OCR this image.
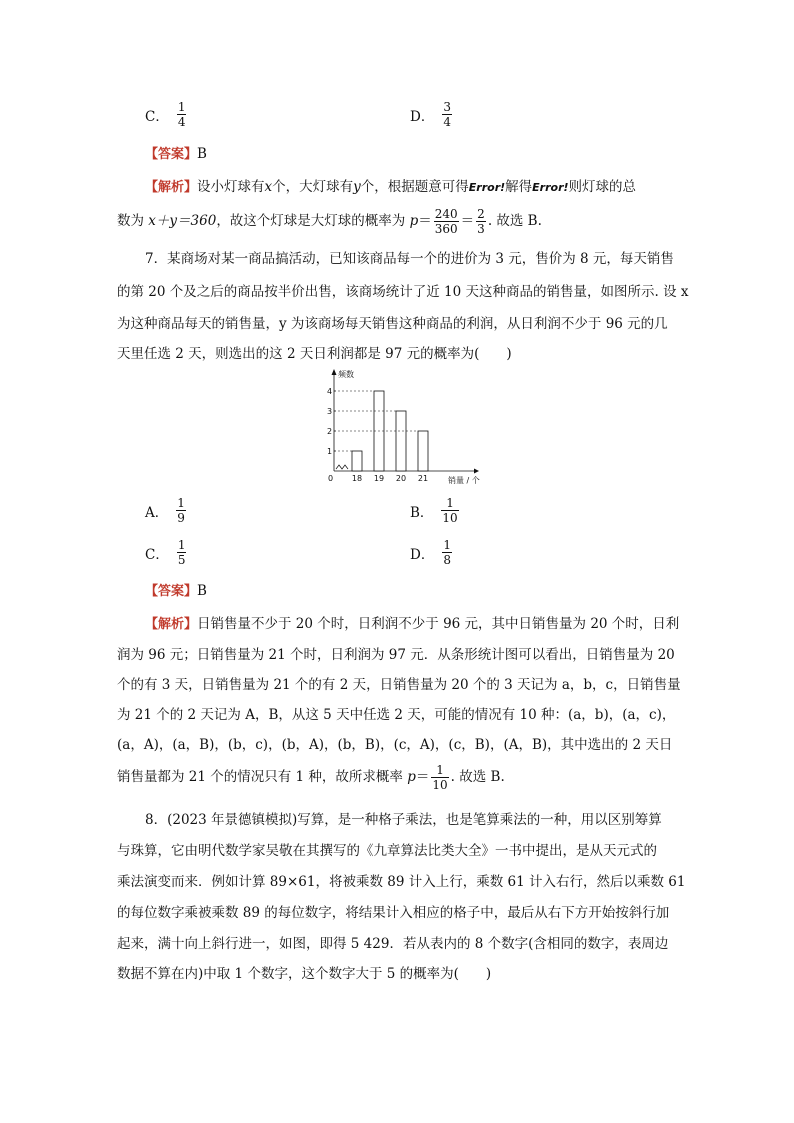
C． $\frac{1}{4}$	D． $\frac{3}{4}$
【答案】B
【解析】设小灯球有x个，大灯球有y个，根据题意可得Error!解得Error!则灯球的总
数为
x＋y＝360 ，故这个灯球是大灯球的概率为
$p = \frac{240}{360} = \frac{2}{3}$ . 故选 B.
7．某商场对某一商品搞活动，已知该商品每一个的进价为 3 元，售价为 8 元，每天销售
的第 20 个及之后的商品按半价出售，该商场统计了近 10 天这种商品的销售量，如图所示. 设 x
为这种商品每天的销售量，y 为该商场每天销售这种商品的利润，从日利润不少于 96 元的几
天里任选 2 天，则选出的这 2 天日利润都是 97 元的概率为(　　)
频数
销量 / 个
0
1
2
3
4
18 19 20 21
A． $\frac{1}{9}$	B． $\frac{1}{10}$
C． $\frac{1}{5}$	D． $\frac{1}{8}$
【答案】B
【解析】日销售量不少于 20 个时，日利润不少于 96 元，其中日销售量为 20 个时，日利
润为 96 元；日销售量为 21 个时，日利润为 97 元．从条形统计图可以看出，日销售量为 20
个的有 3 天，日销售量为 21 个的有 2 天，日销售量为 20 个的 3 天记为 a，b，c，日销售量
为 21 个的 2 天记为 A，B，从这 5 天中任选 2 天，可能的情况有 10 种：(a，b)，(a，c)，
(a，A)，(a，B)，(b，c)，(b，A)，(b，B)，(c，A)，(c，B)，(A，B)，其中选出的 2 天日
销售量都为 21 个的情况只有 1 种，故所求概率
$p = \frac{1}{10}$ . 故选 B.
8．(2023 年景德镇模拟)写算，是一种格子乘法，也是笔算乘法的一种，用以区别筹算
与珠算，它由明代数学家吴敬在其撰写的《九章算法比类大全》一书中提出，是从天元式的
乘法演变而来．例如计算 89×61，将被乘数 89 计入上行，乘数 61 计入右行，然后以乘数 61
的每位数字乘被乘数 89 的每位数字，将结果计入相应的格子中，最后从右下方开始按斜行加
起来，满十向上斜行进一，如图，即得 5 429．若从表内的 8 个数字(含相同的数字，表周边
数据不算在内)中取 1 个数字，这个数字大于 5 的概率为(　　)
